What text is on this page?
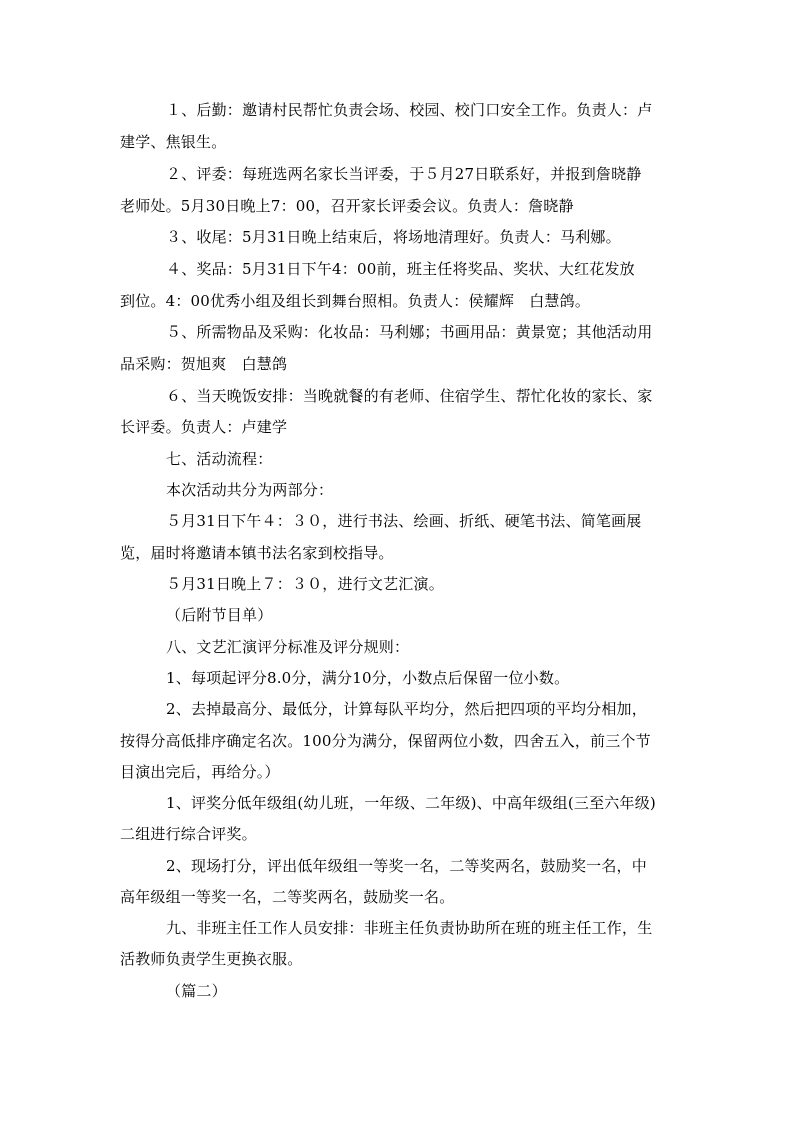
１、后勤：邀请村民帮忙负责会场、校园、校门口安全工作。负责人：卢
建学、焦银生。
２、评委：每班选两名家长当评委，于５月27日联系好，并报到詹晓静
老师处。5月30日晚上7：00，召开家长评委会议。负责人：詹晓静
３、收尾：5月31日晚上结束后，将场地清理好。负责人：马利娜。
４、奖品：5月31日下午4：00前，班主任将奖品、奖状、大红花发放
到位。4：00优秀小组及组长到舞台照相。负责人：侯耀辉　白慧鸽。
５、所需物品及采购：化妆品：马利娜；书画用品：黄景宽；其他活动用
品采购：贺旭爽　白慧鸽
６、当天晚饭安排：当晚就餐的有老师、住宿学生、帮忙化妆的家长、家
长评委。负责人：卢建学
七、活动流程：
本次活动共分为两部分：
５月31日下午４：３０，进行书法、绘画、折纸、硬笔书法、简笔画展
览，届时将邀请本镇书法名家到校指导。
５月31日晚上７：３０，进行文艺汇演。
（后附节目单）
八、文艺汇演评分标准及评分规则：
1、每项起评分8.0分，满分10分，小数点后保留一位小数。
2、去掉最高分、最低分，计算每队平均分，然后把四项的平均分相加，
按得分高低排序确定名次。100分为满分，保留两位小数，四舍五入，前三个节
目演出完后，再给分。）
1、评奖分低年级组(幼儿班，一年级、二年级)、中高年级组(三至六年级)
二组进行综合评奖。
2、现场打分，评出低年级组一等奖一名，二等奖两名，鼓励奖一名，中
高年级组一等奖一名，二等奖两名，鼓励奖一名。
九、非班主任工作人员安排：非班主任负责协助所在班的班主任工作，生
活教师负责学生更换衣服。
（篇二）
